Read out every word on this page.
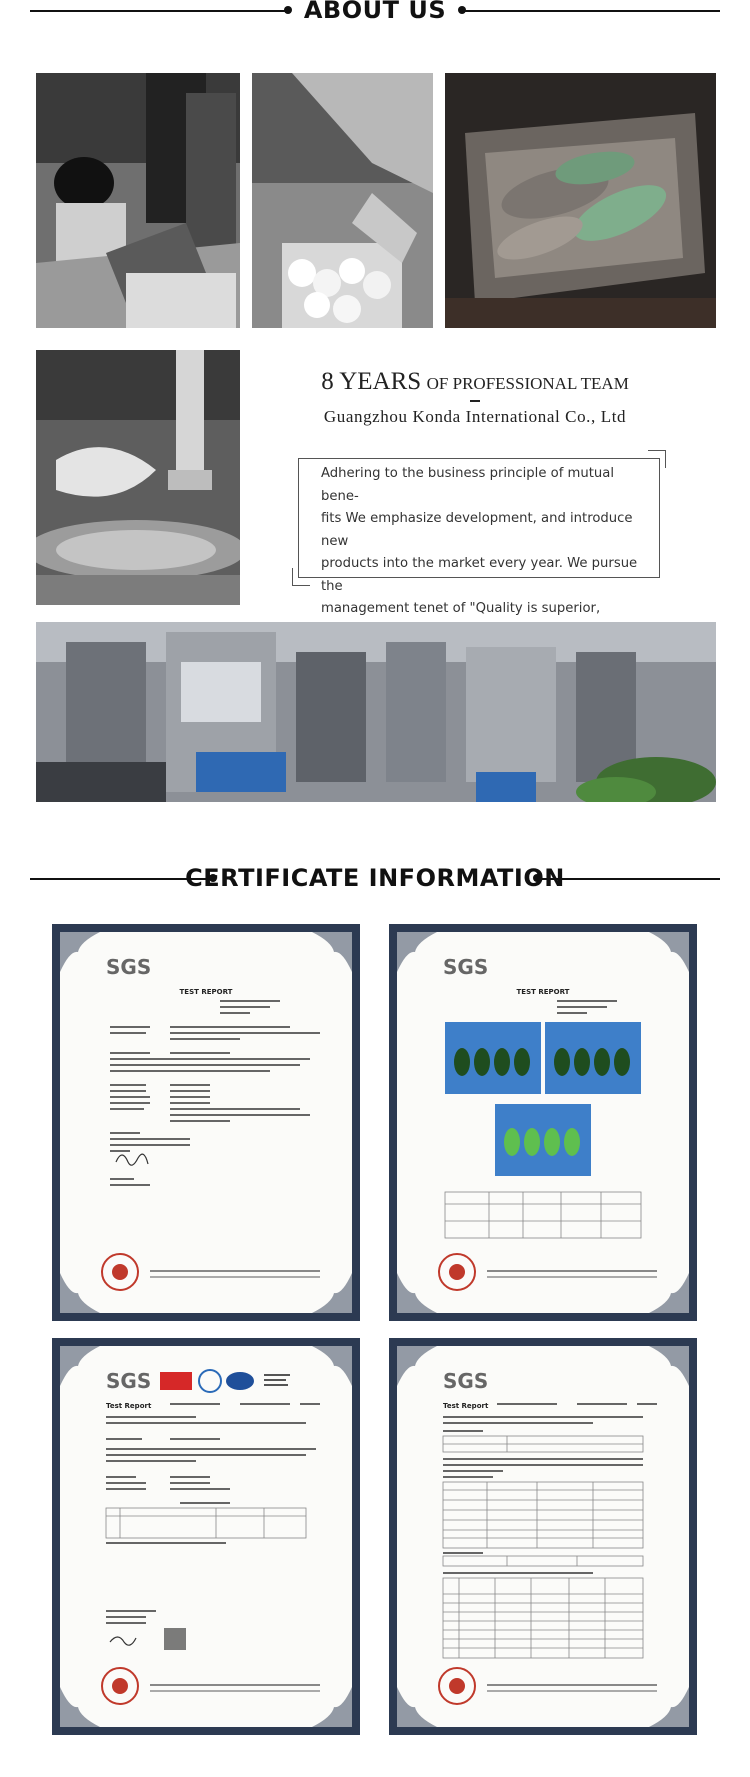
ABOUT US
8 YEARS OF PROFESSIONAL TEAM
Guangzhou Konda International Co., Ltd

Adhering to the business principle of mutual bene-

fits We emphasize development, and introduce new

products into the market every year. We pursue the

management tenet of "Quality is superior,

CERTIFICATE INFORMATION
SGS
TEST REPORT
SGS
TEST REPORT
SGS
Test Report
SGS
Test Report
